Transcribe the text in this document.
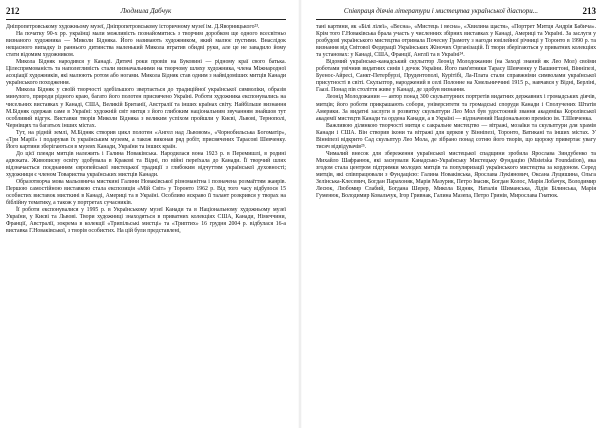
212	Людмила Дабчук

Дніпропетровському художньому музеї, Дніпропетровському історичному музеї ім. Д.Яворницького²³.

На початку 90-х рр. українці мали можливість познайомитись з творчим доробком ще одного всесвітньо визнаного художника — Миколи Бідняка. Його називають художником, який малює пустими. Внаслідок нещасного випадку із раннього дитинства маленький Микола втратив обидві руки, але це не завадило йому стати відомим художником.

Микола Бідняк народився у Канаді. Дитячі роки провів на Буковині — рідному краї свого батька. Цілеспрямованість та наполегливість стали визначальними на творчому шляху художника, члена Міжнародної асоціації художників, які малюють ротом або ногами. Микола Бідняк став одним з найвідоміших митців Канади українського походження.

Микола Бідняк у своїй творчості здебільшого звертається до традиційної української символіки, образів минулого, природи рідного краю, багато його полотен присвячено Україні. Роботи художника експонувались на чисельних виставках у Канаді, США, Великій Британії, Австралії та інших країнах світу. Найбільше визнання М.Бідняк одержав саме в Україні: художній світ митця з його глибоким національним звучанням знайшов тут особливий відгук. Виставки творів Миколи Бідняка з великим успіхом пройшли у Києві, Львові, Тернополі, Чернівцях та багатьох інших містах.

Тут, на рідній землі, М.Бідняк створив цикл полотен «Ангел над Львовом», «Чорнобильська Богоматір», «Три Марії» і подарував їх українським музеям, а також виконав ряд робіт, присвячених Тарасові Шевченку. Його картини зберігаються в музеях Канади, України та інших країн.

До цієї плеяди митців належить і Галина Новаківська. Народилася вона 1923 р. в Перемишлі, в родині адвоката. Живописну освіту здобувала в Кракові та Відні, по війні переїхала до Канади. Її творчий шлях відзначається поєднанням європейської мистецької традиції з глибоким відчуттям української духовності; художниця є членом Товариства українських мистців Канади.

Образотворча мова мальовнича мисткині Галини Новаківської різноманітна і позначена розмаїттям жанрів. Першою самостійною виставкою стала експозиція «Мій Світ» у Торонто 1962 р. Від того часу відбулося 15 особистих виставок мисткині в Канаді, Америці та в Україні. Особливо яскраво її талант розкрився у творах на біблійну тематику, а також у портретах сучасників.

Її роботи експонувалися у 1995 р. в Українському музеї Канади та в Національному художньому музеї України, у Києві та Львові. Твори художниці знаходяться в приватних колекціях США, Канади, Німеччини, Франції, Австралії, зокрема в колекції «Трипільські мистці» та «Триптих» 16 грудня 2004 р. відбулася 16-а виставка Г.Новаківської, з творів особистих. На цій були представлені,

Співпраця діячів літератури і мистецтва української діаспори...	213

тані картини, як «Білі лілеї», «Весна», «Мистець і весна», «Хвилина щастя», «Портрет Митця Андрія Бабича». Крім того Г.Новаківська брала участь у численних збірних виставках у Канаді, Америці та Україні. За заслуги у розбудові українського мистецтва отримала Почесну Грамоту з нагоди ювілейної річниці у Торонто в 1990 р. та визнання від Світової Федерації Українських Жіночих Організацій. Її твори зберігаються у приватних колекціях та установах: у Канаді, США, Франції, Англії та в Україні²⁴.

Відомий українсько-канадський скульптор Леонід Молодожанин (на Заході знаний як Лео Мол) своїми роботами увічнив видатних синів і дочок України. Його пам'ятники Тарасу Шевченку у Вашингтоні, Вінніпезі, Буенос-Айресі, Санкт-Петербурзі, Прудентополі, Курітібі, Ла-Плата стали справжніми символами української присутності в світі. Скульптор, народжений в селі Полонне на Хмельниччині 1915 р., навчався у Відні, Берліні, Гаазі. Понад пів століття живе у Канаді, де здобув визнання.

Леонід Молодожанин — автор понад 300 скульптурних портретів видатних державних і громадських діячів, митців; його роботи прикрашають собори, університети та громадські споруди Канади і Сполучених Штатів Америки. За видатні заслуги в розвитку скульптури Лео Мол був удостоєний звання академіка Королівської академії мистецтв Канади та ордена Канади, а в Україні — відзначений Національною премією ім. Т.Шевченка.

Важливою ділянкою творчості митця є сакральне мистецтво — вітражі, мозаїки та скульптури для храмів Канади і США. Він створив ікони та вітражі для церков у Вінніпезі, Торонто, Ватикані та інших містах. У Вінніпезі відкрито Сад скульптур Лео Мола, де зібрано понад сотню його творів, що щороку привертає увагу тисяч відвідувачів²⁵.

Чималий внесок для збереження української мистецької спадщини зробила Ярослава Зиндубенко та Михайло Шафранюк, які заснували Канадсько-Українську Мистецьку Фундацію (Mistetska Foundation), яка згодом стала центром підтримки молодих митців та популяризації українського мистецтва за кордоном. Серед митців, які співпрацювали з Фундацією: Галина Новаківська, Ярослава Лукіянович, Оксана Луцишина, Ольга Зелінська-Клесевич, Богдан Парахоняк, Марія Мазурик, Петро Івасик, Богдан Колос, Марія Лобачук, Володимир Лесюк, Любомир Слабий, Богдана Шерер, Микола Бідняк, Наталія Шиманська, Лідія Білинська, Марія Гуменюк, Володимир Ковальчук, Ігор Гривнак, Галина Мазепа, Петро Гринів, Мирослава Гнатюк.
